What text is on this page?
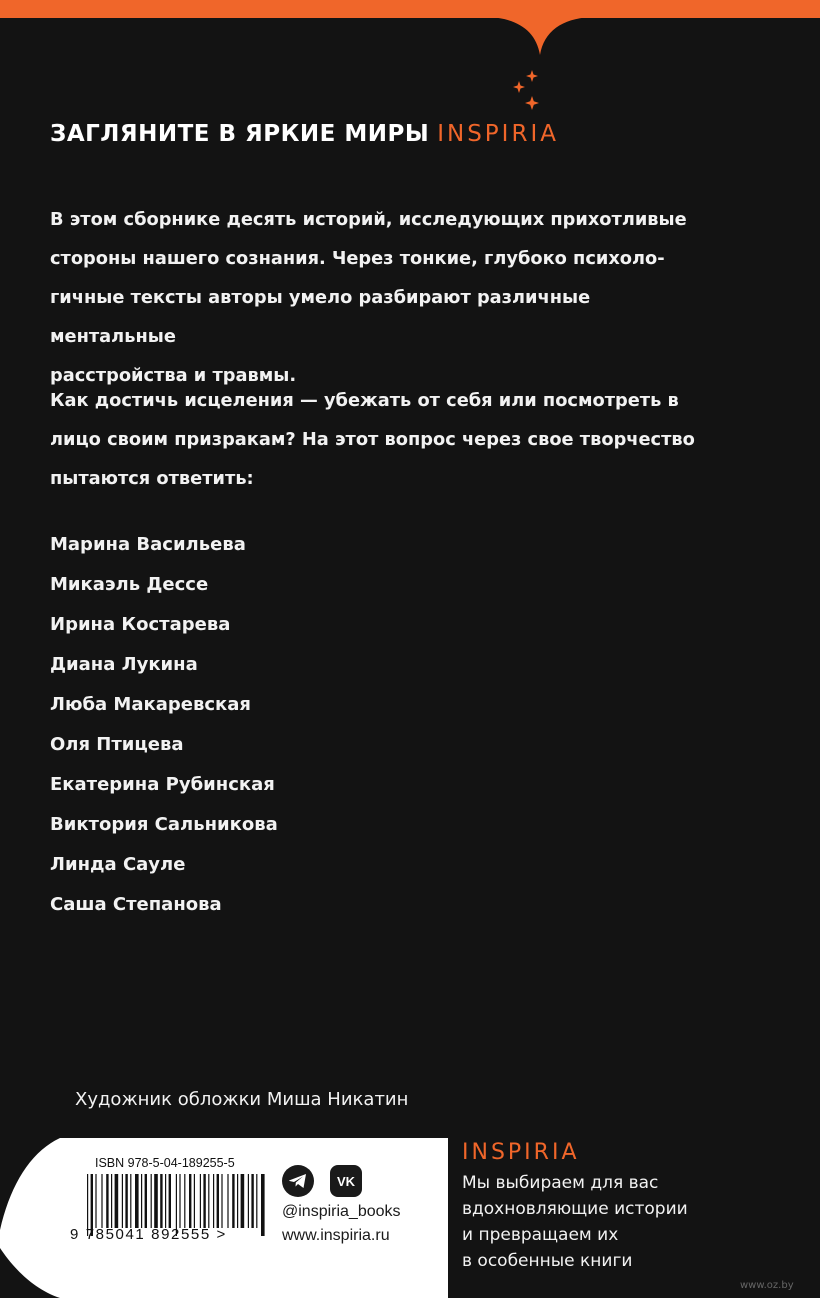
ЗАГЛЯНИТЕ В ЯРКИЕ МИРЫ INSPIRIA

В этом сборнике десять историй, исследующих прихотливые
стороны нашего сознания. Через тонкие, глубоко психоло-
гичные тексты авторы умело разбирают различные ментальные
расстройства и травмы.

Как достичь исцеления — убежать от себя или посмотреть в
лицо своим призракам? На этот вопрос через свое творчество
пытаются ответить:

Марина Васильева
Микаэль Дессе
Ирина Костарева
Диана Лукина
Люба Макаревская
Оля Птицева
Екатерина Рубинская
Виктория Сальникова
Линда Сауле
Саша Степанова
Художник обложки Миша Никатин
ISBN 978-5-04-189255-5
9 785041 892555 >
VK
@inspiria_books
www.inspiria.ru
INSPIRIA
Мы выбираем для вас
вдохновляющие истории
и превращаем их
в особенные книги
www.oz.by
